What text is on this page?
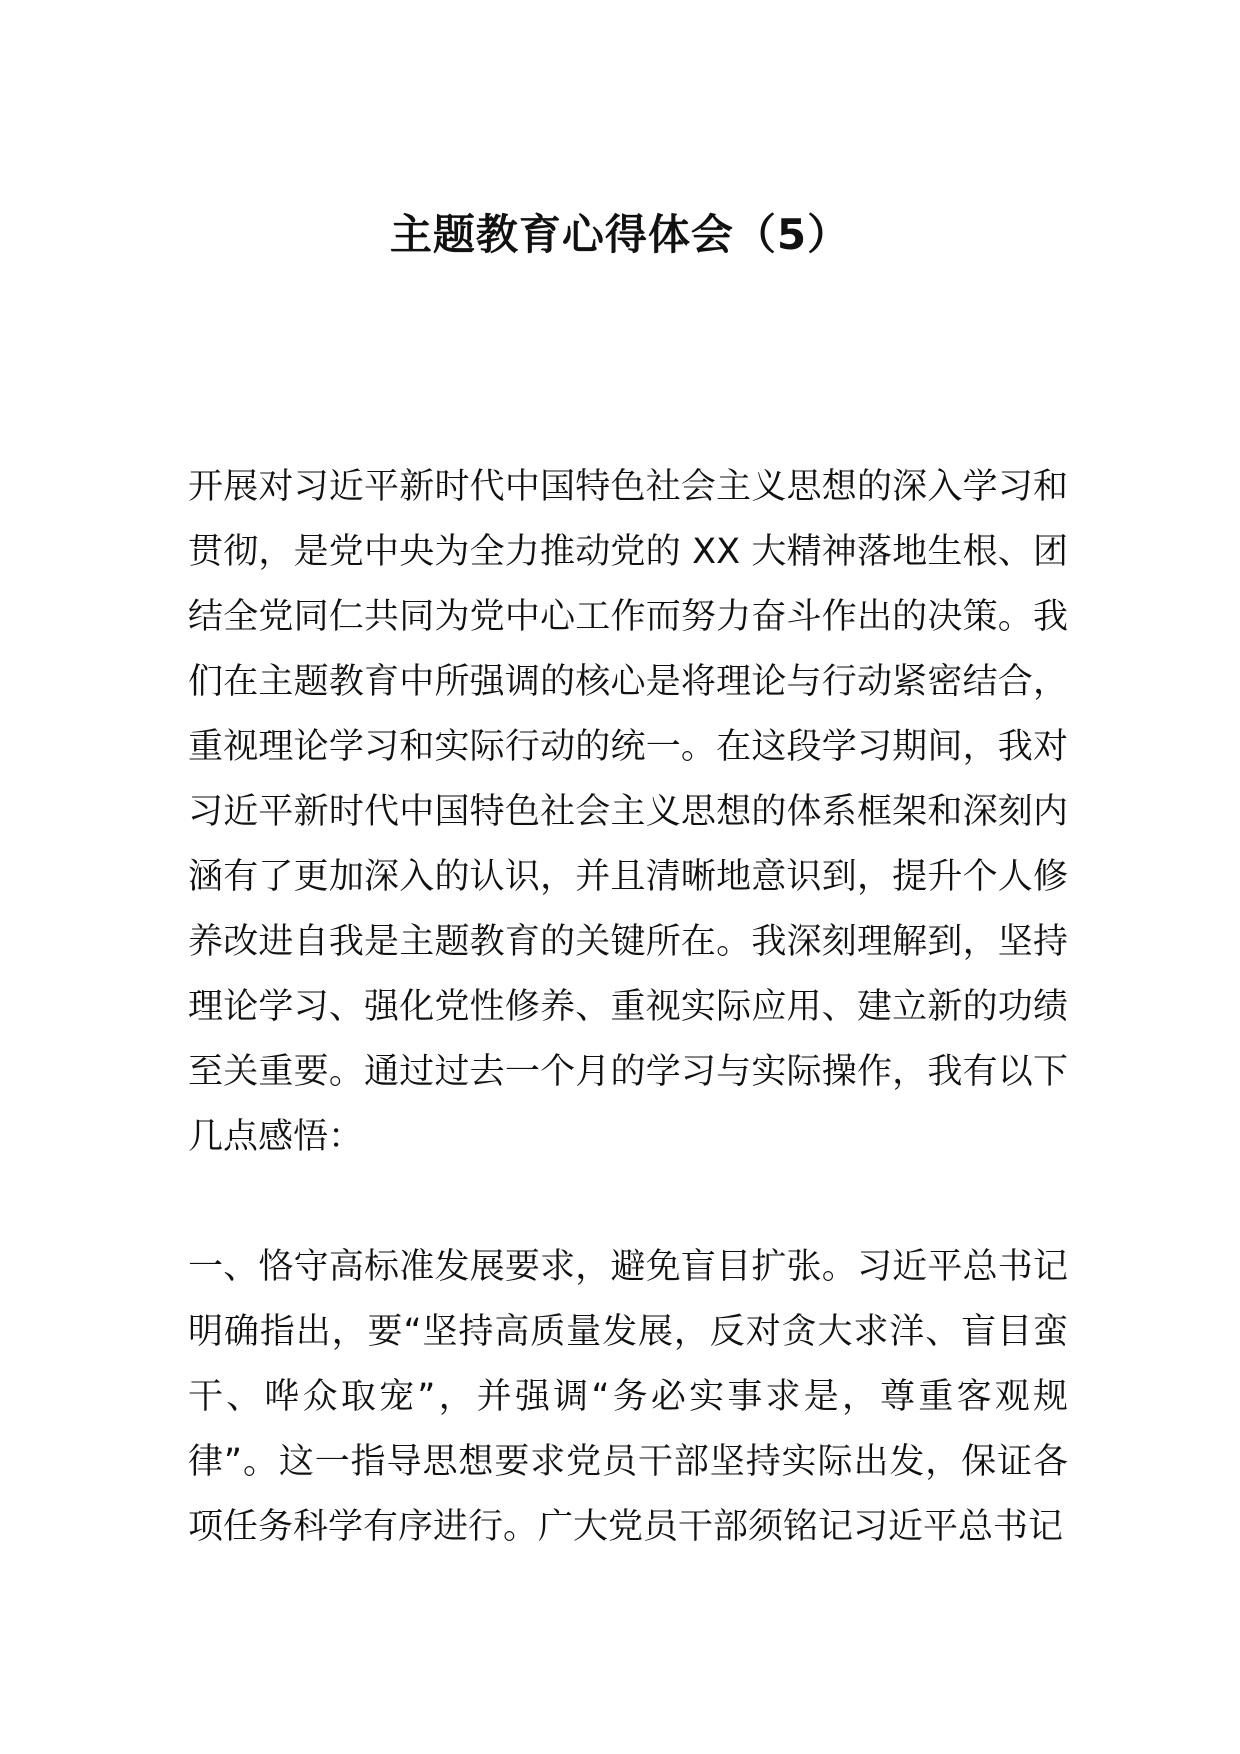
主题教育心得体会（5）

开展对习近平新时代中国特色社会主义思想的深入学习和贯彻，是党中央为全力推动党的 XX 大精神落地生根、团结全党同仁共同为党中心工作而努力奋斗作出的决策。我们在主题教育中所强调的核心是将理论与行动紧密结合，重视理论学习和实际行动的统一。在这段学习期间，我对习近平新时代中国特色社会主义思想的体系框架和深刻内涵有了更加深入的认识，并且清晰地意识到，提升个人修养改进自我是主题教育的关键所在。我深刻理解到，坚持理论学习、强化党性修养、重视实际应用、建立新的功绩至关重要。通过过去一个月的学习与实际操作，我有以下几点感悟：

一、恪守高标准发展要求，避免盲目扩张。习近平总书记明确指出，要“坚持高质量发展，反对贪大求洋、盲目蛮干、哗众取宠”，并强调“务必实事求是，尊重客观规律”。这一指导思想要求党员干部坚持实际出发，保证各项任务科学有序进行。广大党员干部须铭记习近平总书记
